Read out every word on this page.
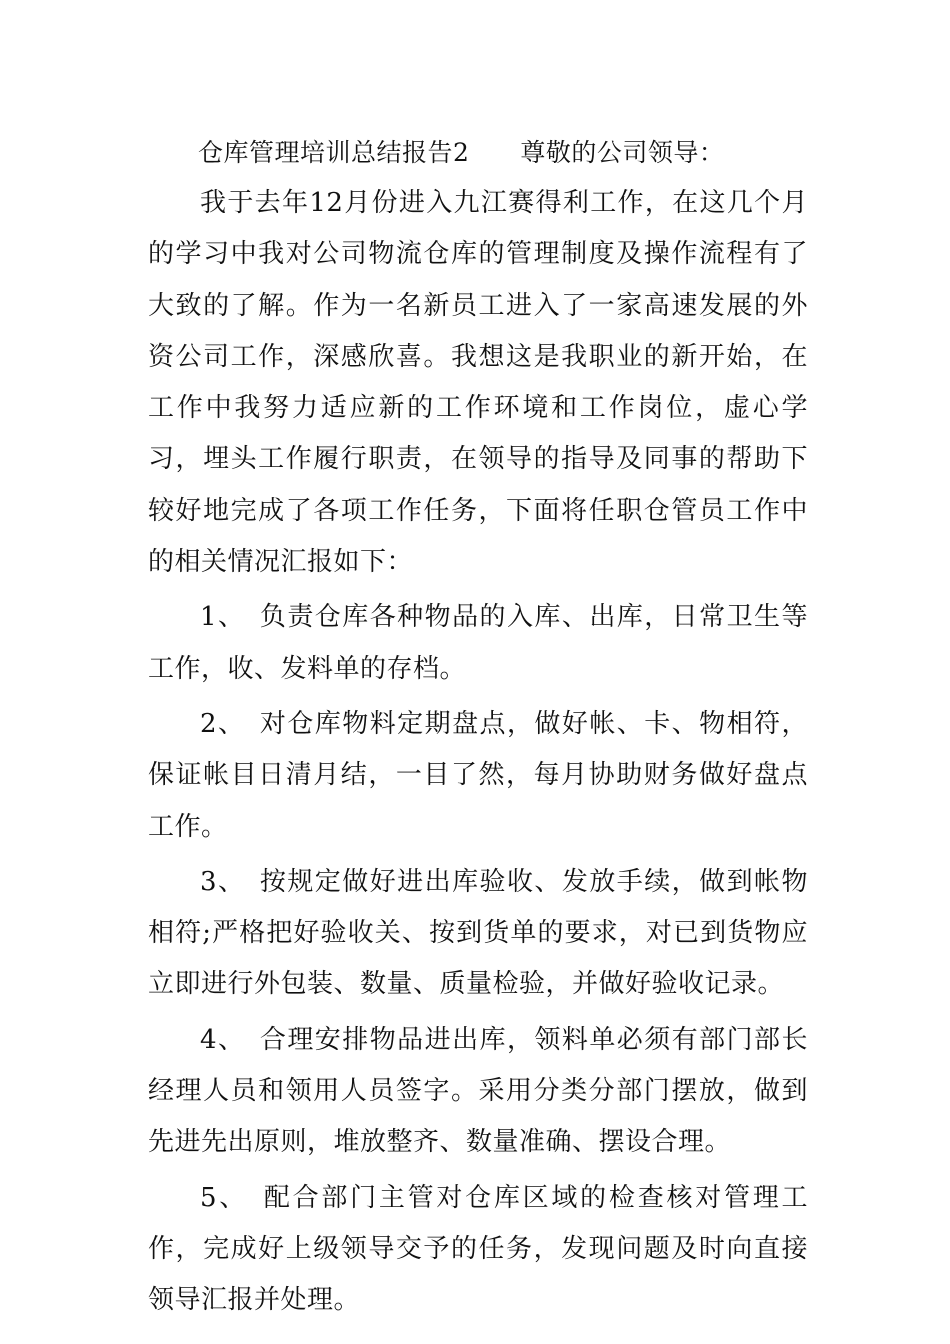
仓库管理培训总结报告2　　尊敬的公司领导：

我于去年12月份进入九江赛得利工作，在这几个月的学习中我对公司物流仓库的管理制度及操作流程有了大致的了解。作为一名新员工进入了一家高速发展的外资公司工作，深感欣喜。我想这是我职业的新开始，在工作中我努力适应新的工作环境和工作岗位，虚心学习，埋头工作履行职责，在领导的指导及同事的帮助下较好地完成了各项工作任务，下面将任职仓管员工作中的相关情况汇报如下：

1、　负责仓库各种物品的入库、出库，日常卫生等工作，收、发料单的存档。

2、　对仓库物料定期盘点，做好帐、卡、物相符，保证帐目日清月结，一目了然，每月协助财务做好盘点工作。

3、　按规定做好进出库验收、发放手续，做到帐物相符;严格把好验收关、按到货单的要求，对已到货物应立即进行外包装、数量、质量检验，并做好验收记录。

4、　合理安排物品进出库，领料单必须有部门部长经理人员和领用人员签字。采用分类分部门摆放，做到先进先出原则，堆放整齐、数量准确、摆设合理。

5、　配合部门主管对仓库区域的检查核对管理工作，完成好上级领导交予的任务，发现问题及时向直接领导汇报并处理。
